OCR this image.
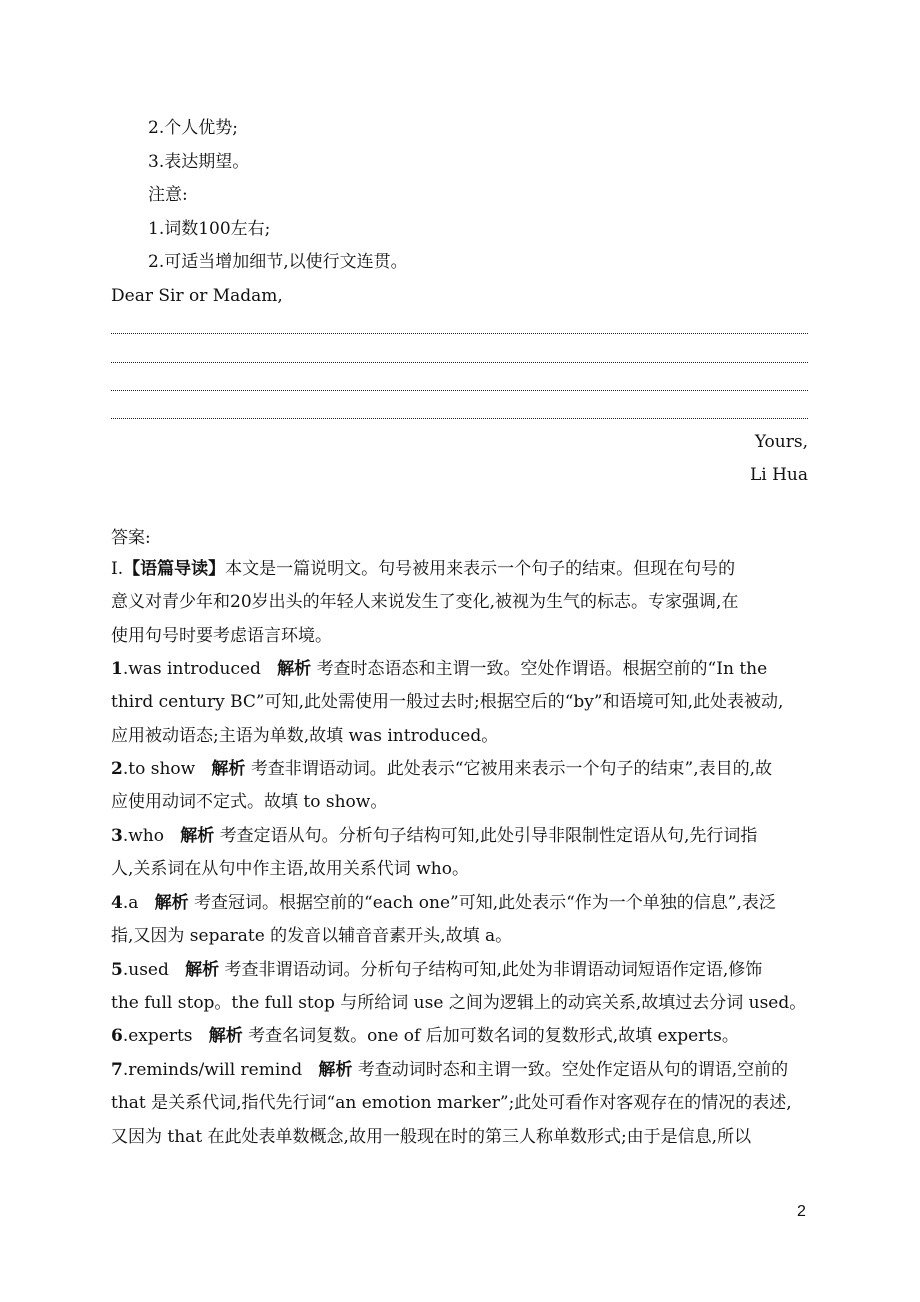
2.个人优势;
3.表达期望。
注意:
1.词数100左右;
2.可适当增加细节,以使行文连贯。
Dear Sir or Madam,
Yours,
Li Hua
答案:
Ⅰ.【语篇导读】本文是一篇说明文。句号被用来表示一个句子的结束。但现在句号的
意义对青少年和20岁出头的年轻人来说发生了变化,被视为生气的标志。专家强调,在
使用句号时要考虑语言环境。
1.was introduced 解析 考查时态语态和主谓一致。空处作谓语。根据空前的“In the
third century BC”可知,此处需使用一般过去时;根据空后的“by”和语境可知,此处表被动,
应用被动语态;主语为单数,故填 was introduced。
2.to show 解析 考查非谓语动词。此处表示“它被用来表示一个句子的结束”,表目的,故
应使用动词不定式。故填 to show。
3.who 解析 考查定语从句。分析句子结构可知,此处引导非限制性定语从句,先行词指
人,关系词在从句中作主语,故用关系代词 who。
4.a 解析 考查冠词。根据空前的“each one”可知,此处表示“作为一个单独的信息”,表泛
指,又因为 separate 的发音以辅音音素开头,故填 a。
5.used 解析 考查非谓语动词。分析句子结构可知,此处为非谓语动词短语作定语,修饰
the full stop。the full stop 与所给词 use 之间为逻辑上的动宾关系,故填过去分词 used。
6.experts 解析 考查名词复数。one of 后加可数名词的复数形式,故填 experts。
7.reminds/will remind 解析 考查动词时态和主谓一致。空处作定语从句的谓语,空前的
that 是关系代词,指代先行词“an emotion marker”;此处可看作对客观存在的情况的表述,
又因为 that 在此处表单数概念,故用一般现在时的第三人称单数形式;由于是信息,所以
2
